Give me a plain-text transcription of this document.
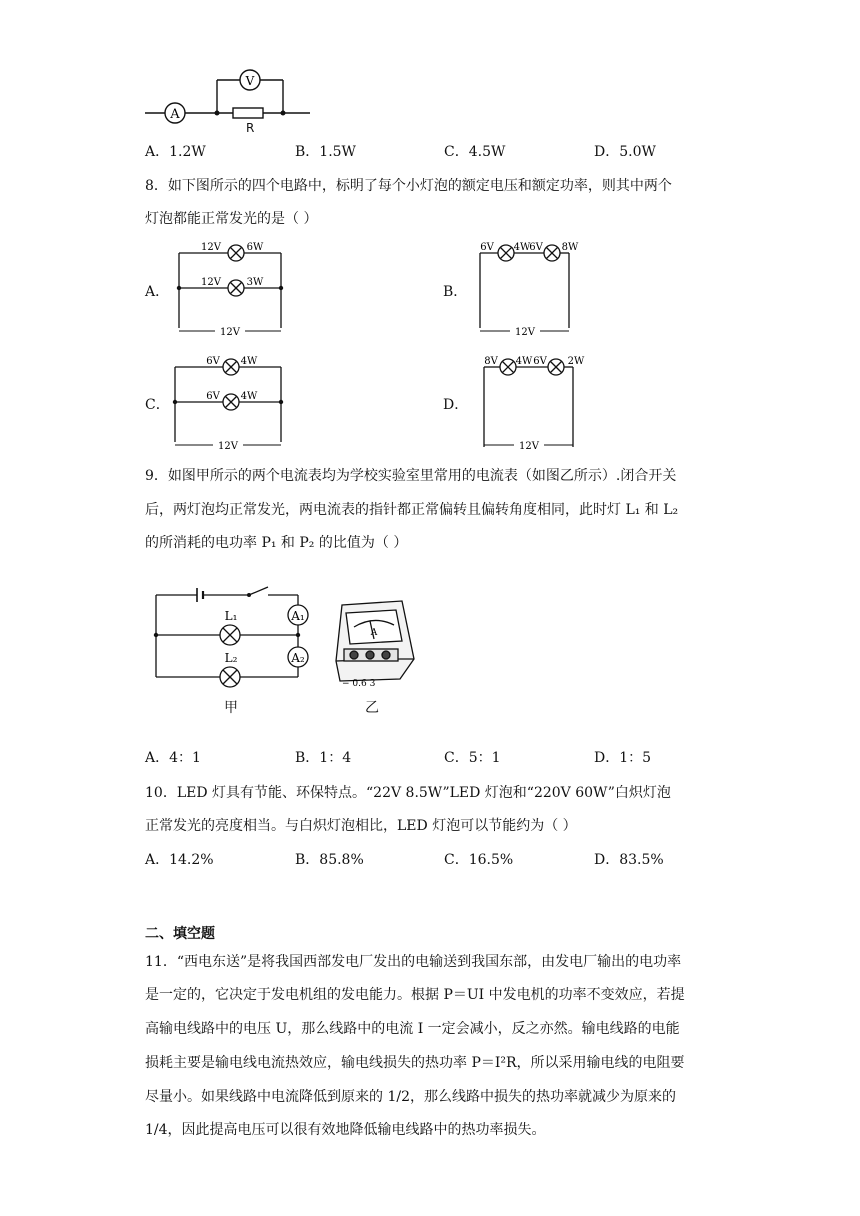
A
V
R
A．1.2W	B．1.5W	C．4.5W	D．5.0W
8．如下图所示的四个电路中，标明了每个小灯泡的额定电压和额定功率，则其中两个
灯泡都能正常发光的是（ ）
A．
12V
12V	6W
12V	3W
B．
12V
6V 4W
6V 8W
C．
12V
6V 4W
6V 4W
D．
12V
8V 4W 6V 2W
9．如图甲所示的两个电流表均为学校实验室里常用的电流表（如图乙所示）.闭合开关
后，两灯泡均正常发光，两电流表的指针都正常偏转且偏转角度相同，此时灯 L₁ 和 L₂
的所消耗的电功率 P₁ 和 P₂ 的比值为（ ）
A₁
A₂
L₁
L₂
甲
A
− 0.6 3
乙
A．4：1	B．1：4	C．5：1	D．1：5
10．LED 灯具有节能、环保特点。“22V 8.5W”LED 灯泡和“220V 60W”白炽灯泡
正常发光的亮度相当。与白炽灯泡相比，LED 灯泡可以节能约为（ ）
A．14.2%	B．85.8%	C．16.5%	D．83.5%
二、填空题
11．“西电东送”是将我国西部发电厂发出的电输送到我国东部，由发电厂输出的电功率
是一定的，它决定于发电机组的发电能力。根据 P＝UI 中发电机的功率不变效应，若提
高输电线路中的电压 U，那么线路中的电流 I 一定会减小，反之亦然。输电线路的电能
损耗主要是输电线电流热效应，输电线损失的热功率 P＝I²R，所以采用输电线的电阻要
尽量小。如果线路中电流降低到原来的 1/2，那么线路中损失的热功率就减少为原来的
1/4，因此提高电压可以很有效地降低输电线路中的热功率损失。
